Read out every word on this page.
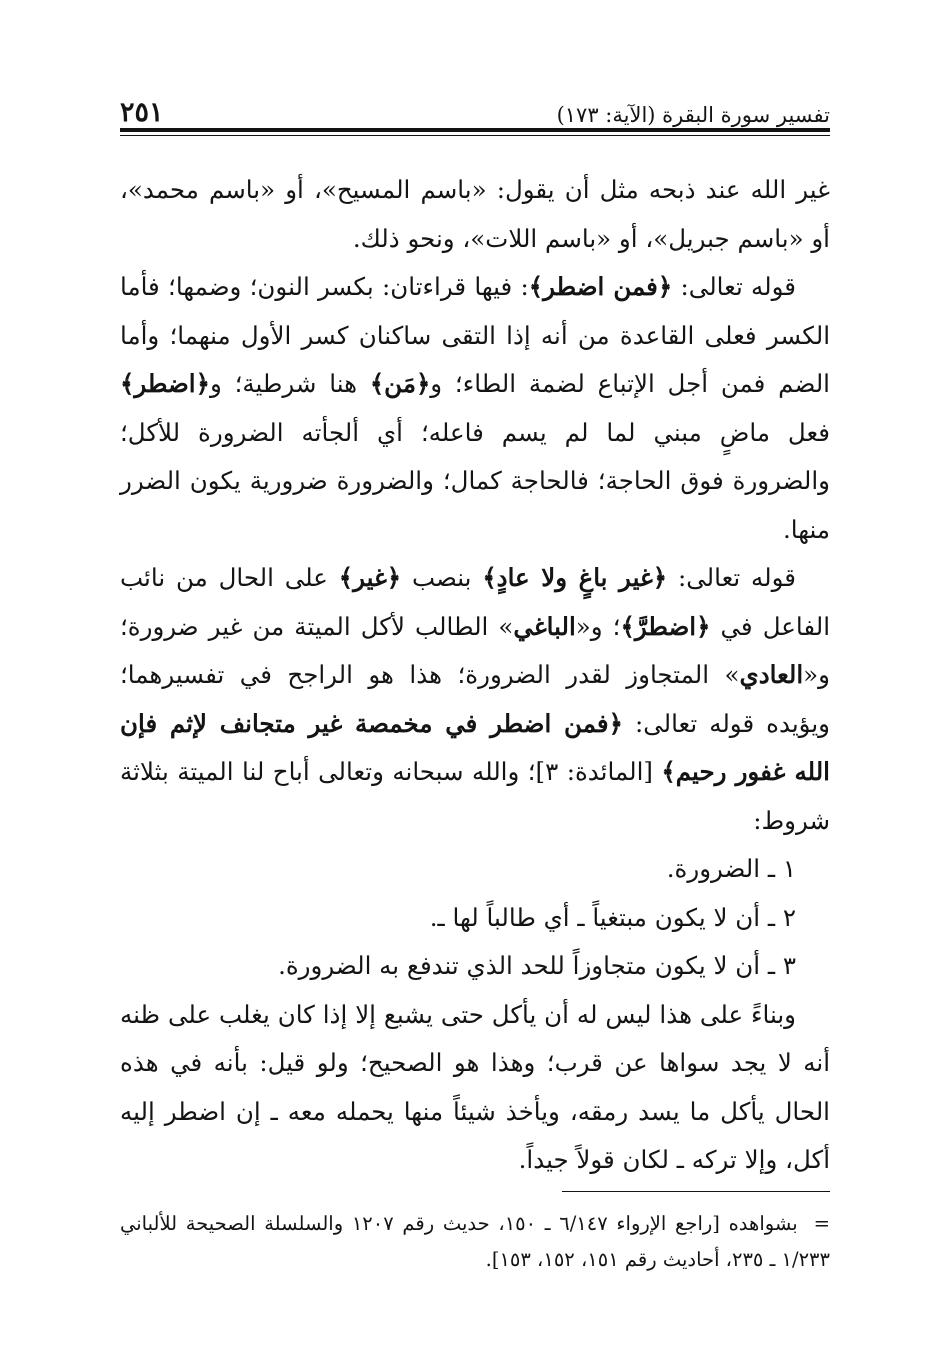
تفسير سورة البقرة (الآية: ١٧٣)
٢٥١

غير الله عند ذبحه مثل أن يقول: «باسم المسيح»، أو «باسم محمد»، أو «باسم جبريل»، أو «باسم اللات»، ونحو ذلك.

قوله تعالى: ﴿فمن اضطر﴾: فيها قراءتان: بكسر النون؛ وضمها؛ فأما الكسر فعلى القاعدة من أنه إذا التقى ساكنان كسر الأول منهما؛ وأما الضم فمن أجل الإتباع لضمة الطاء؛ و﴿مَن﴾ هنا شرطية؛ و﴿اضطر﴾ فعل ماضٍ مبني لما لم يسم فاعله؛ أي ألجأته الضرورة للأكل؛ والضرورة فوق الحاجة؛ فالحاجة كمال؛ والضرورة ضرورية يكون الضرر منها.

قوله تعالى: ﴿غير باغٍ ولا عادٍ﴾ بنصب ﴿غير﴾ على الحال من نائب الفاعل في ﴿اضطرَّ﴾؛ و«الباغي» الطالب لأكل الميتة من غير ضرورة؛ و«العادي» المتجاوز لقدر الضرورة؛ هذا هو الراجح في تفسيرهما؛ ويؤيده قوله تعالى: ﴿فمن اضطر في مخمصة غير متجانف لإثم فإن الله غفور رحيم﴾ [المائدة: ٣]؛ والله سبحانه وتعالى أباح لنا الميتة بثلاثة شروط:

١ ـ الضرورة.
٢ ـ أن لا يكون مبتغياً ـ أي طالباً لها ـ.
٣ ـ أن لا يكون متجاوزاً للحد الذي تندفع به الضرورة.

وبناءً على هذا ليس له أن يأكل حتى يشبع إلا إذا كان يغلب على ظنه أنه لا يجد سواها عن قرب؛ وهذا هو الصحيح؛ ولو قيل: بأنه في هذه الحال يأكل ما يسد رمقه، ويأخذ شيئاً منها يحمله معه ـ إن اضطر إليه أكل، وإلا تركه ـ لكان قولاً جيداً.

=بشواهده [راجع الإرواء ٦/١٤٧ ـ ١٥٠، حديث رقم ١٢٠٧ والسلسلة الصحيحة للألباني ١/٢٣٣ ـ ٢٣٥، أحاديث رقم ١٥١، ١٥٢، ١٥٣].
